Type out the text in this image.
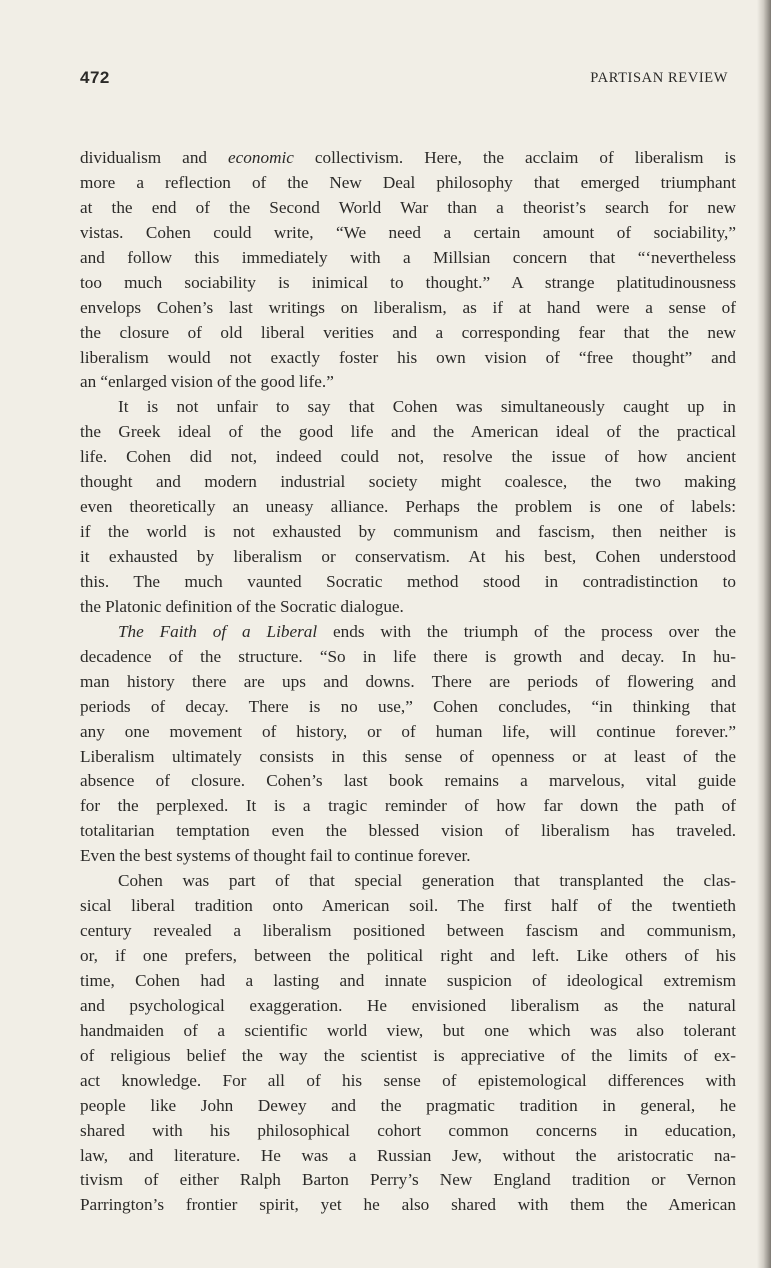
472	PARTISAN REVIEW
dividualism and economic collectivism. Here, the acclaim of liberalism is
more a reflection of the New Deal philosophy that emerged triumphant
at the end of the Second World War than a theorist’s search for new
vistas. Cohen could write, “We need a certain amount of sociability,”
and follow this immediately with a Millsian concern that “‘nevertheless
too much sociability is inimical to thought.” A strange platitudinousness
envelops Cohen’s last writings on liberalism, as if at hand were a sense of
the closure of old liberal verities and a corresponding fear that the new
liberalism would not exactly foster his own vision of “free thought” and
an “enlarged vision of the good life.”
It is not unfair to say that Cohen was simultaneously caught up in
the Greek ideal of the good life and the American ideal of the practical
life. Cohen did not, indeed could not, resolve the issue of how ancient
thought and modern industrial society might coalesce, the two making
even theoretically an uneasy alliance. Perhaps the problem is one of labels:
if the world is not exhausted by communism and fascism, then neither is
it exhausted by liberalism or conservatism. At his best, Cohen understood
this. The much vaunted Socratic method stood in contradistinction to
the Platonic definition of the Socratic dialogue.
The Faith of a Liberal ends with the triumph of the process over the
decadence of the structure. “So in life there is growth and decay. In hu-
man history there are ups and downs. There are periods of flowering and
periods of decay. There is no use,” Cohen concludes, “in thinking that
any one movement of history, or of human life, will continue forever.”
Liberalism ultimately consists in this sense of openness or at least of the
absence of closure. Cohen’s last book remains a marvelous, vital guide
for the perplexed. It is a tragic reminder of how far down the path of
totalitarian temptation even the blessed vision of liberalism has traveled.
Even the best systems of thought fail to continue forever.
Cohen was part of that special generation that transplanted the clas-
sical liberal tradition onto American soil. The first half of the twentieth
century revealed a liberalism positioned between fascism and communism,
or, if one prefers, between the political right and left. Like others of his
time, Cohen had a lasting and innate suspicion of ideological extremism
and psychological exaggeration. He envisioned liberalism as the natural
handmaiden of a scientific world view, but one which was also tolerant
of religious belief the way the scientist is appreciative of the limits of ex-
act knowledge. For all of his sense of epistemological differences with
people like John Dewey and the pragmatic tradition in general, he
shared with his philosophical cohort common concerns in education,
law, and literature. He was a Russian Jew, without the aristocratic na-
tivism of either Ralph Barton Perry’s New England tradition or Vernon
Parrington’s frontier spirit, yet he also shared with them the American
